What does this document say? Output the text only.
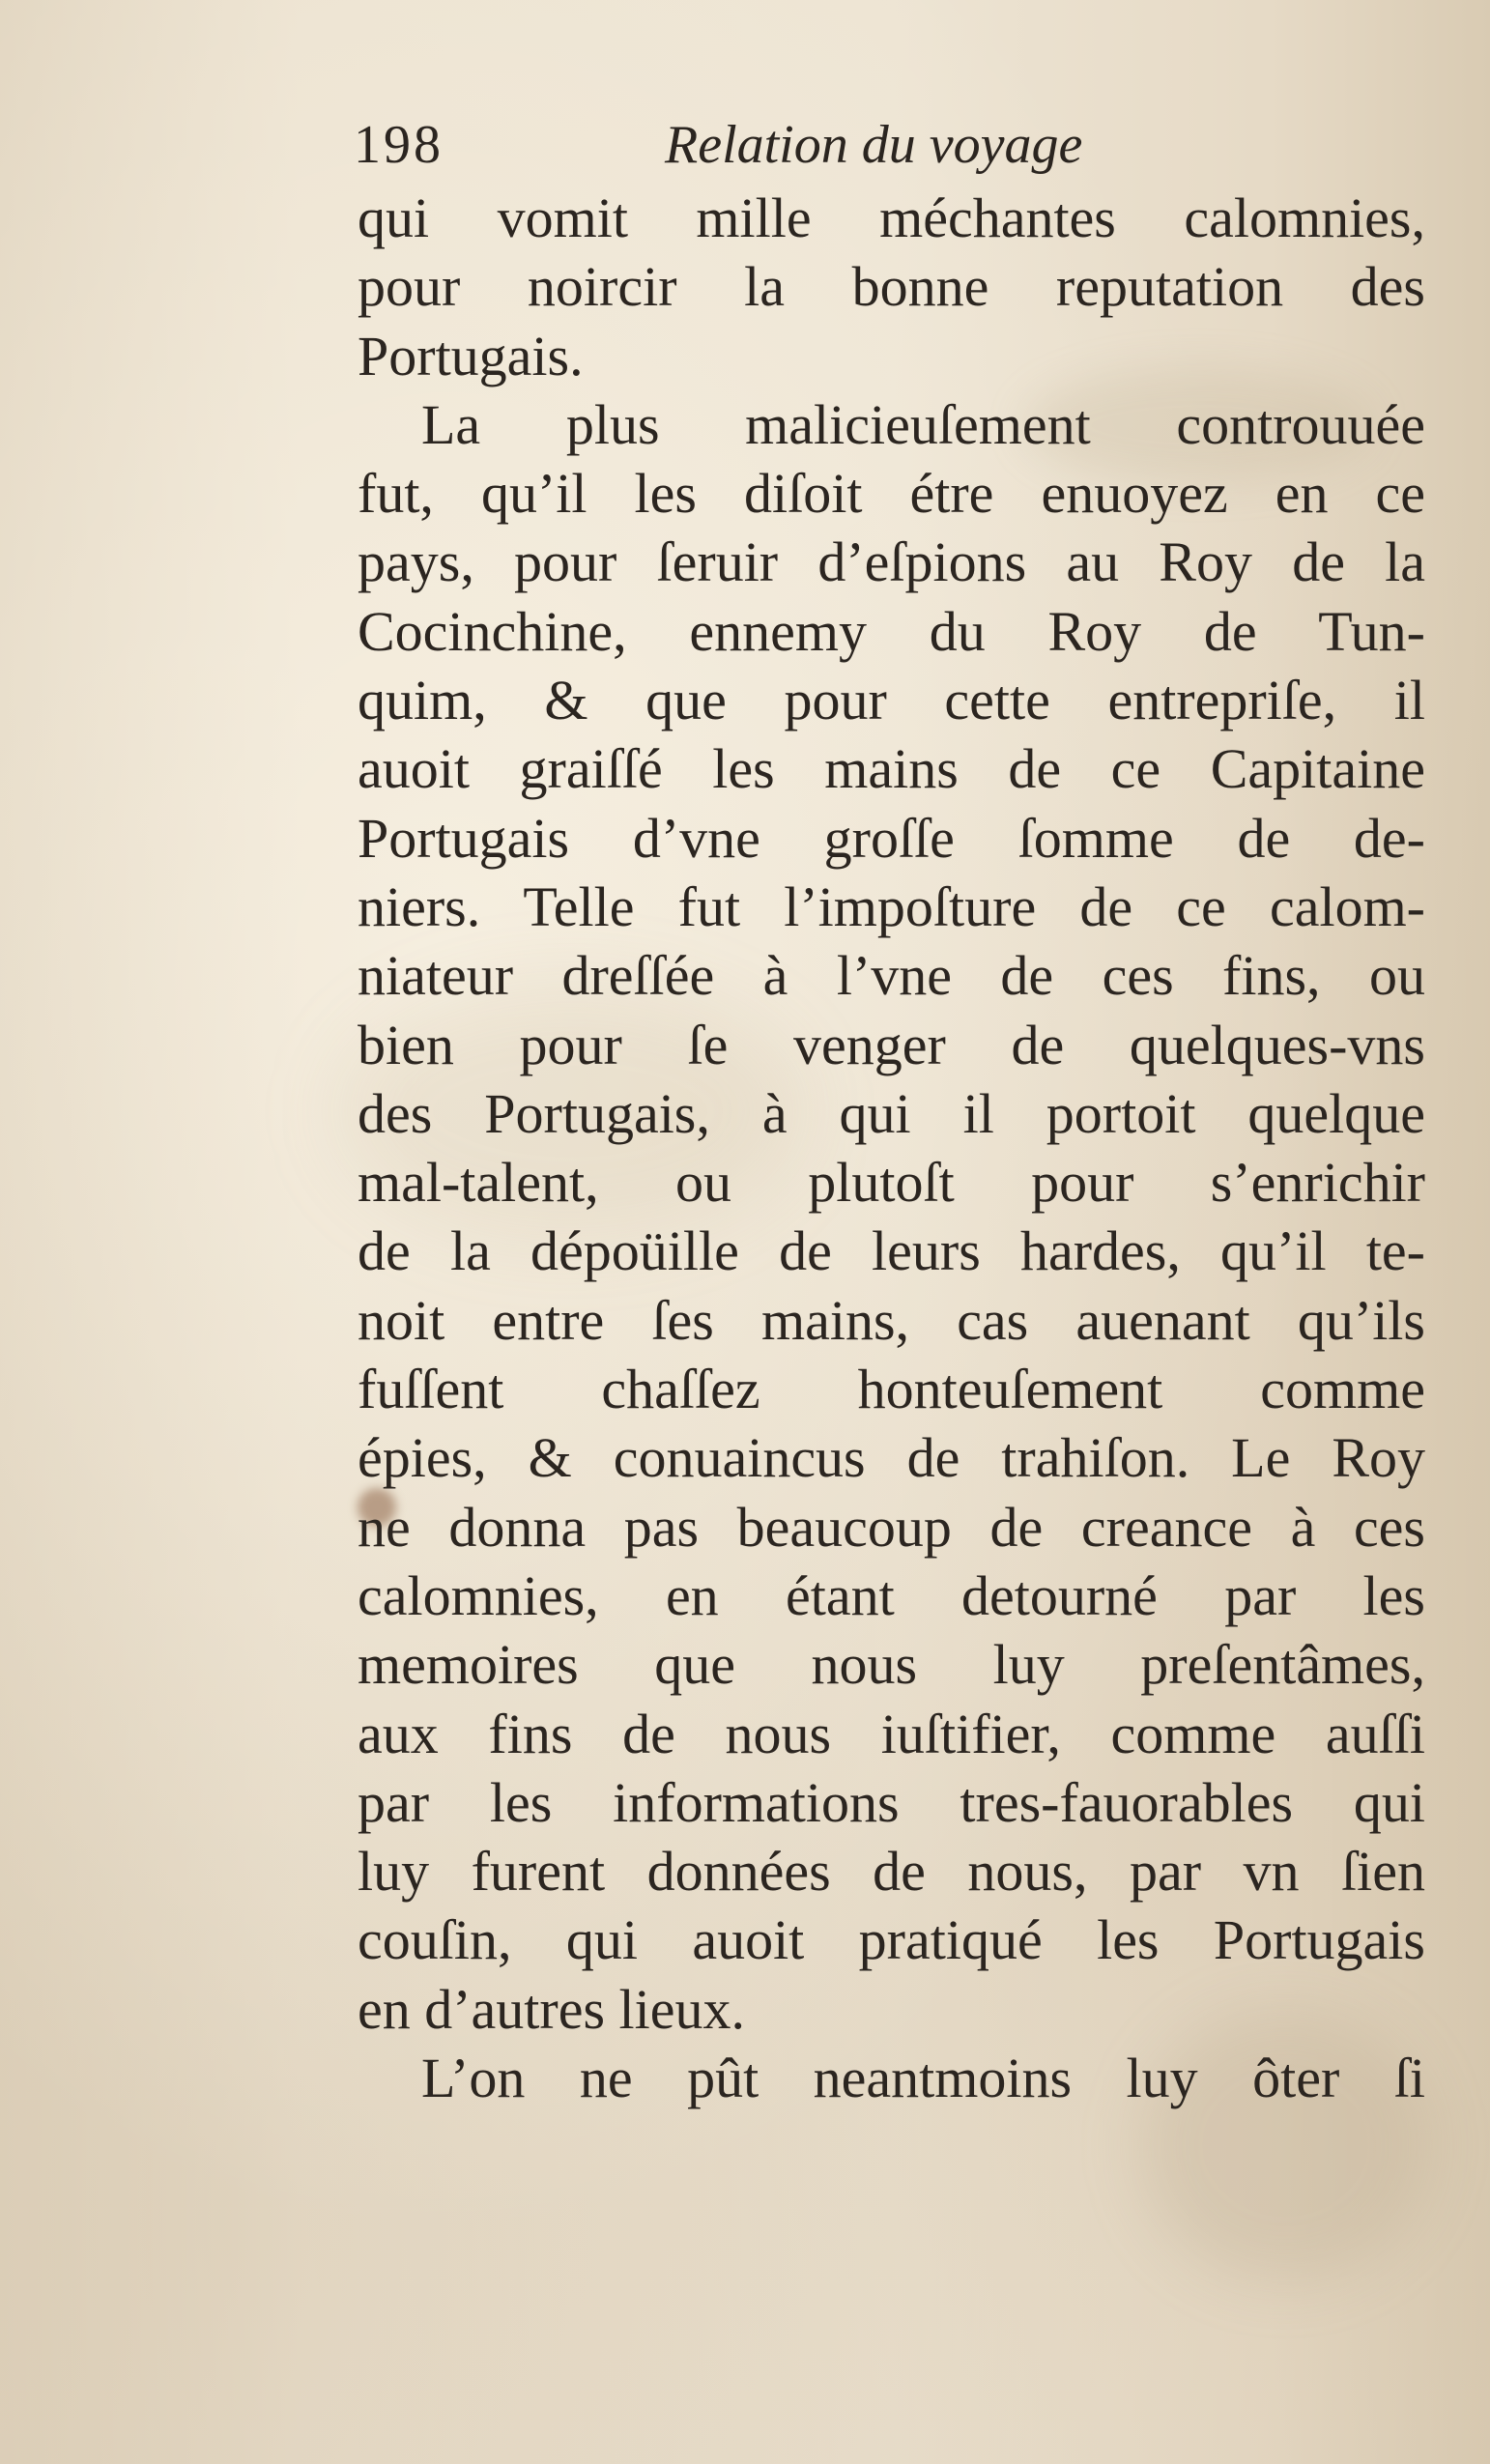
198	Relation du voyage
qui vomit mille méchantes calomnies,
pour noircir la bonne reputation des
Portugais.
La plus malicieuſement controuuée
fut, qu’il les diſoit étre enuoyez en ce
pays, pour ſeruir d’eſpions au Roy de la
Cocinchine, ennemy du Roy de Tun-
quim, & que pour cette entrepriſe, il
auoit graiſſé les mains de ce Capitaine
Portugais d’vne groſſe ſomme de de-
niers. Telle fut l’impoſture de ce calom-
niateur dreſſée à l’vne de ces fins, ou
bien pour ſe venger de quelques-vns
des Portugais, à qui il portoit quelque
mal-talent, ou plutoſt pour s’enrichir
de la dépoüille de leurs hardes, qu’il te-
noit entre ſes mains, cas auenant qu’ils
fuſſent chaſſez honteuſement comme
épies, & conuaincus de trahiſon. Le Roy
ne donna pas beaucoup de creance à ces
calomnies, en étant detourné par les
memoires que nous luy preſentâmes,
aux fins de nous iuſtifier, comme auſſi
par les informations tres-fauorables qui
luy furent données de nous, par vn ſien
couſin, qui auoit pratiqué les Portugais
en d’autres lieux.
L’on ne pût neantmoins luy ôter ſi
